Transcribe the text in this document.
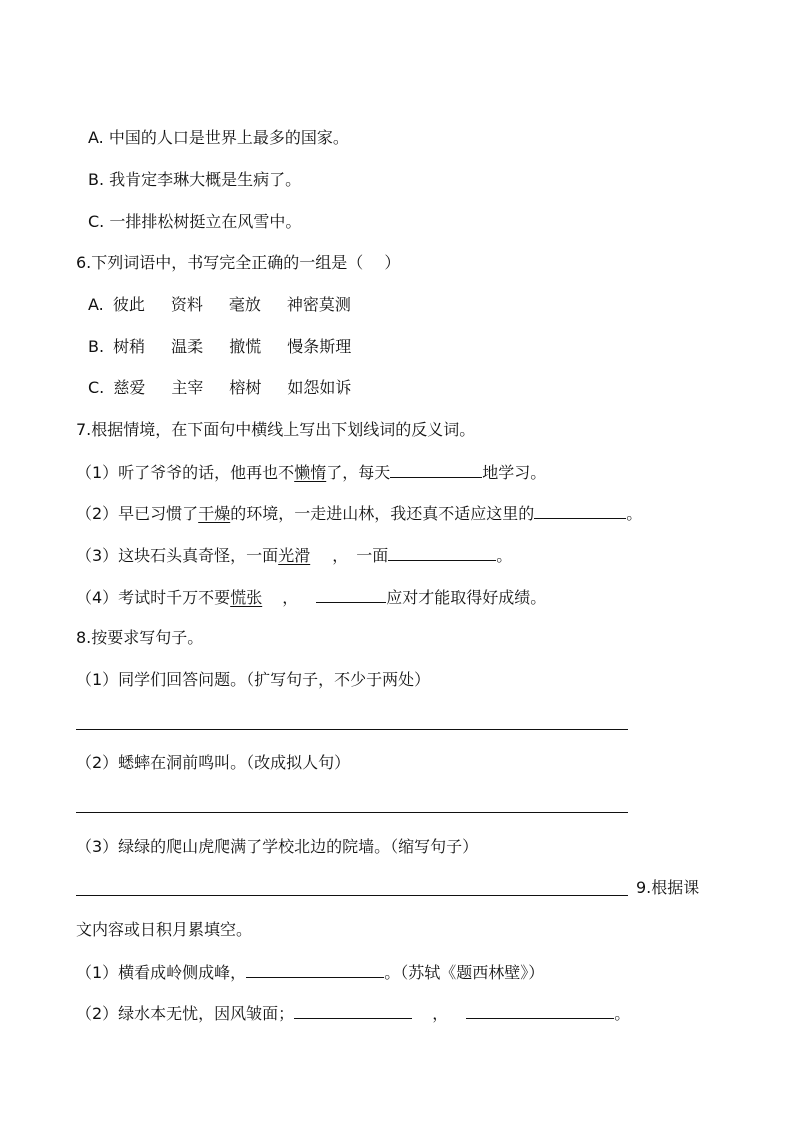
A. 中国的人口是世界上最多的国家。
B. 我肯定李琳大概是生病了。
C. 一排排松树挺立在风雪中。
6.下列词语中，书写完全正确的一组是（　 ）
A. 彼此 资料 毫放 神密莫测
B. 树稍 温柔 撤慌 慢条斯理
C. 慈爱 主宰 榕树 如怨如诉
7.根据情境，在下面句中横线上写出下划线词的反义词。
（1）听了爷爷的话，他再也不懒惰了，每天	地学习。
（2）早已习惯了干燥的环境，一走进山林，我还真不适应这里的	。
（3）这块石头真奇怪，一面光滑 ，　一面	。
（4）考试时千万不要慌张 ，	应对才能取得好成绩。
8.按要求写句子。
（1）同学们回答问题。（扩写句子，不少于两处）
（2）蟋蟀在洞前鸣叫。（改成拟人句）
（3）绿绿的爬山虎爬满了学校北边的院墙。（缩写句子）
9.根据课
文内容或日积月累填空。
（1）横看成岭侧成峰，	。（苏轼《题西林壁》）
（2）绿水本无忧，因风皱面；	，	。
